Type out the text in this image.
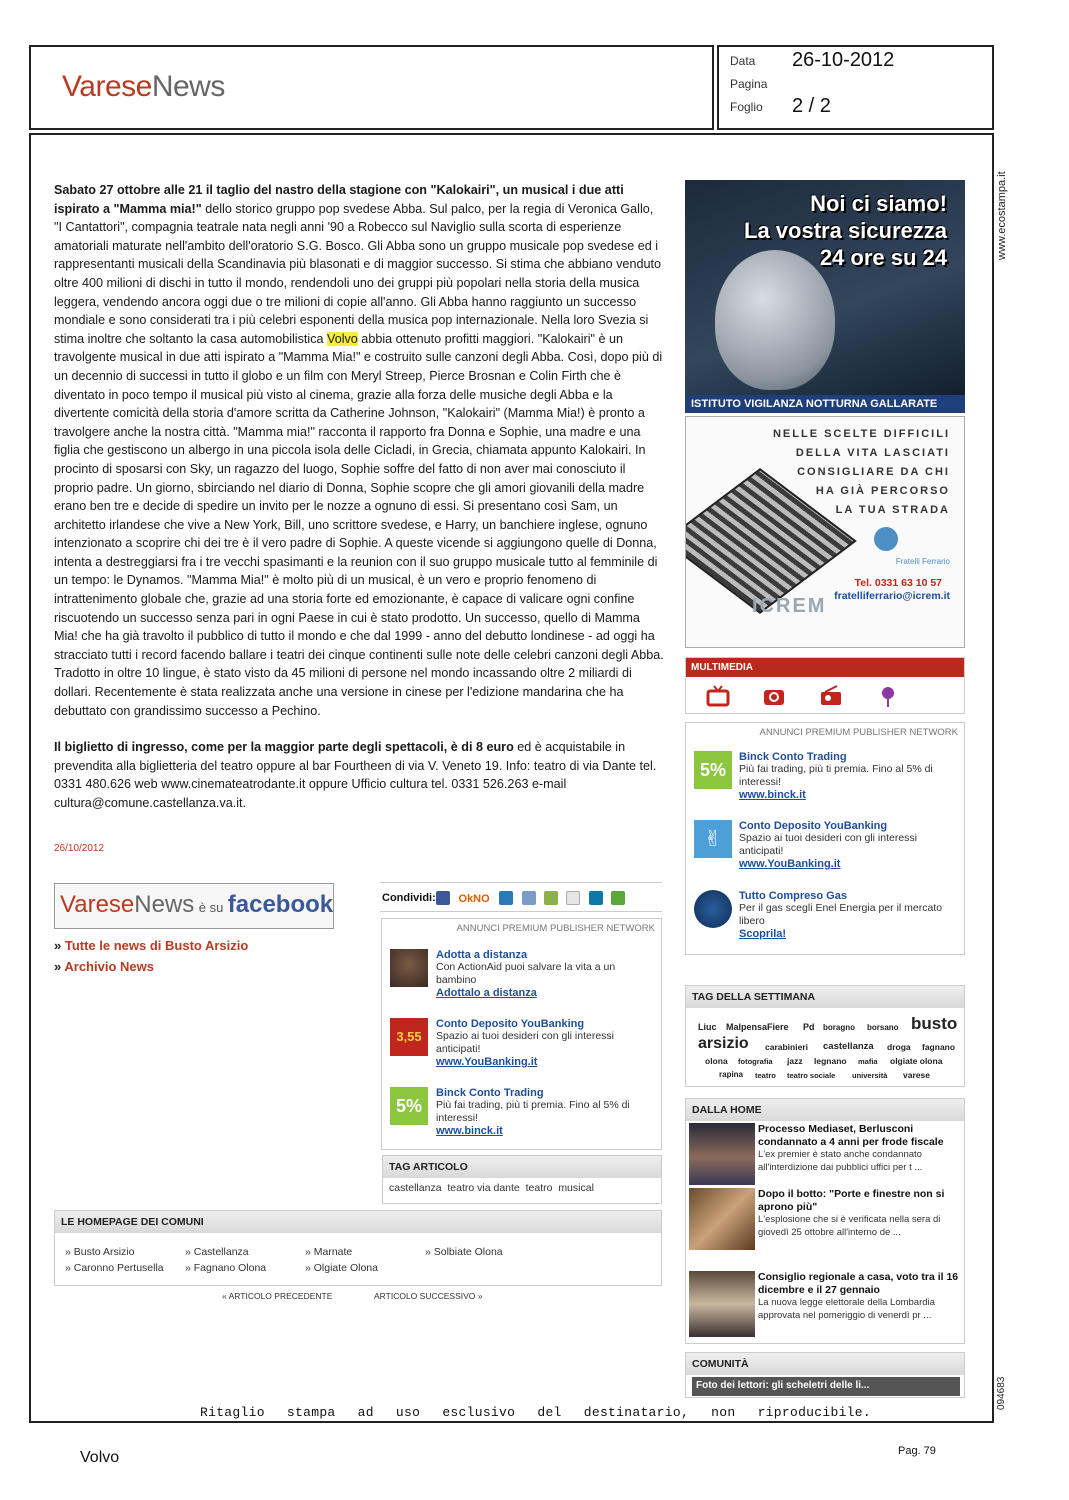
VareseNews
Data 26-10-2012
Pagina
Foglio 2 / 2
www.ecostampa.it
094683

Sabato 27 ottobre alle 21 il taglio del nastro della stagione con "Kalokairi", un musical i due atti ispirato a "Mamma mia!" dello storico gruppo pop svedese Abba. Sul palco, per la regia di Veronica Gallo, "I Cantattori", compagnia teatrale nata negli anni '90 a Robecco sul Naviglio sulla scorta di esperienze amatoriali maturate nell'ambito dell'oratorio S.G. Bosco. Gli Abba sono un gruppo musicale pop svedese ed i rappresentanti musicali della Scandinavia più blasonati e di maggior successo. Si stima che abbiano venduto oltre 400 milioni di dischi in tutto il mondo, rendendoli uno dei gruppi più popolari nella storia della musica leggera, vendendo ancora oggi due o tre milioni di copie all'anno. Gli Abba hanno raggiunto un successo mondiale e sono considerati tra i più celebri esponenti della musica pop internazionale. Nella loro Svezia si stima inoltre che soltanto la casa automobilistica Volvo abbia ottenuto profitti maggiori. "Kalokairi" è un travolgente musical in due atti ispirato a "Mamma Mia!" e costruito sulle canzoni degli Abba. Così, dopo più di un decennio di successi in tutto il globo e un film con Meryl Streep, Pierce Brosnan e Colin Firth che è diventato in poco tempo il musical più visto al cinema, grazie alla forza delle musiche degli Abba e la divertente comicità della storia d'amore scritta da Catherine Johnson, "Kalokairi" (Mamma Mia!) è pronto a travolgere anche la nostra città. "Mamma mia!" racconta il rapporto fra Donna e Sophie, una madre e una figlia che gestiscono un albergo in una piccola isola delle Cicladi, in Grecia, chiamata appunto Kalokairi. In procinto di sposarsi con Sky, un ragazzo del luogo, Sophie soffre del fatto di non aver mai conosciuto il proprio padre. Un giorno, sbirciando nel diario di Donna, Sophie scopre che gli amori giovanili della madre erano ben tre e decide di spedire un invito per le nozze a ognuno di essi. Si presentano così Sam, un architetto irlandese che vive a New York, Bill, uno scrittore svedese, e Harry, un banchiere inglese, ognuno intenzionato a scoprire chi dei tre è il vero padre di Sophie. A queste vicende si aggiungono quelle di Donna, intenta a destreggiarsi fra i tre vecchi spasimanti e la reunion con il suo gruppo musicale tutto al femminile di un tempo: le Dynamos. "Mamma Mia!" è molto più di un musical, è un vero e proprio fenomeno di intrattenimento globale che, grazie ad una storia forte ed emozionante, è capace di valicare ogni confine riscuotendo un successo senza pari in ogni Paese in cui è stato prodotto. Un successo, quello di Mamma Mia! che ha già travolto il pubblico di tutto il mondo e che dal 1999 - anno del debutto londinese - ad oggi ha stracciato tutti i record facendo ballare i teatri dei cinque continenti sulle note delle celebri canzoni degli Abba. Tradotto in oltre 10 lingue, è stato visto da 45 milioni di persone nel mondo incassando oltre 2 miliardi di dollari. Recentemente è stata realizzata anche una versione in cinese per l'edizione mandarina che ha debuttato con grandissimo successo a Pechino.

Il biglietto di ingresso, come per la maggior parte degli spettacoli, è di 8 euro ed è acquistabile in prevendita alla biglietteria del teatro oppure al bar Fourtheen di via V. Veneto 19. Info: teatro di via Dante tel. 0331 480.626 web www.cinemateatrodante.it oppure Ufficio cultura tel. 0331 526.263 e-mail cultura@comune.castellanza.va.it.

26/10/2012
VareseNews è su facebook
» Tutte le news di Busto Arsizio
» Archivio News
Condividi:	OkNO
ANNUNCI PREMIUM PUBLISHER NETWORK
Adotta a distanza
Con ActionAid puoi salvare la vita a un bambino
Adottalo a distanza
3,55
Conto Deposito YouBanking
Spazio ai tuoi desideri con gli interessi anticipati!
www.YouBanking.it
5%
Binck Conto Trading
Più fai trading, più ti premia. Fino al 5% di interessi!
www.binck.it
TAG ARTICOLO
castellanza teatro via dante teatro musical
LE HOMEPAGE DEI COMUNI
» Busto Arsizio	» Castellanza	» Marnate	» Solbiate Olona
» Caronno Pertusella » Fagnano Olona	» Olgiate Olona
« ARTICOLO PRECEDENTE	ARTICOLO SUCCESSIVO »
Noi ci siamo!
La vostra sicurezza
24 ore su 24
ISTITUTO VIGILANZA NOTTURNA GALLARATE
NELLE SCELTE DIFFICILI
DELLA VITA LASCIATI
CONSIGLIARE DA CHI
HA GIÀ PERCORSO
LA TUA STRADA
Fratelli Ferrario
Tel. 0331 63 10 57
fratelliferrario@icrem.it
ICREM
MULTIMEDIA
ANNUNCI PREMIUM PUBLISHER NETWORK
5%
Binck Conto Trading
Più fai trading, più ti premia. Fino al 5% di interessi!
www.binck.it
✌	Conto Deposito YouBanking
Spazio ai tuoi desideri con gli interessi anticipati!
www.YouBanking.it
Tutto Compreso Gas
Per il gas scegli Enel Energia per il mercato libero
Scoprila!
TAG DELLA SETTIMANA
Liuc MalpensaFiere Pd boragno borsano busto
arsizio carabinieri castellanza droga fagnano
olona fotografia jazz legnano mafia olgiate olona
rapina teatro teatro sociale università varese
DALLA HOME
Processo Mediaset, Berlusconi condannato a 4 anni per frode fiscale
L'ex premier è stato anche condannato all'interdizione dai pubblici uffici per t ...
Dopo il botto: "Porte e finestre non si aprono più"
L'esplosione che si è verificata nella sera di giovedì 25 ottobre all'interno de ...
Consiglio regionale a casa, voto tra il 16 dicembre e il 27 gennaio
La nuova legge elettorale della Lombardia approvata nel pomeriggio di venerdì pr ...
COMUNITÀ
Foto dei lettori: gli scheletri delle li...
Ritaglio stampa ad uso esclusivo del destinatario, non riproducibile.
Volvo	Pag. 79
